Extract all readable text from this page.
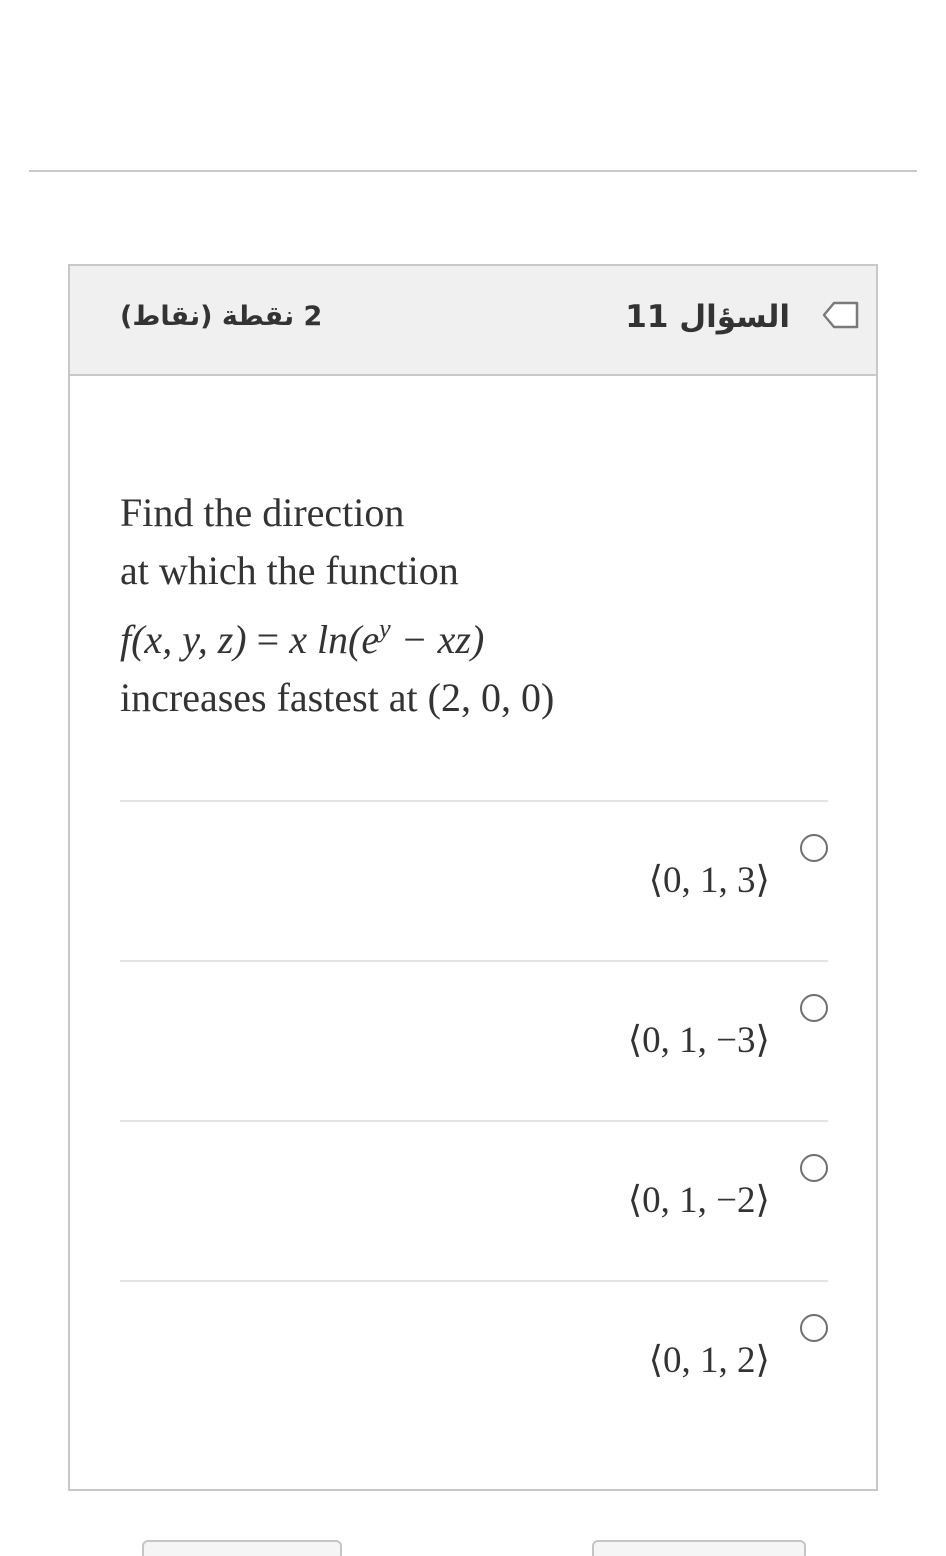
السؤال 11
2 نقطة (نقاط)
Find the direction
at which the function
f(x, y, z) = x $\ln(e^y - xz)$
increases fastest at (2, 0, 0)
⟨0, 1, 3⟩
⟨0, 1, −3⟩
⟨0, 1, −2⟩
⟨0, 1, 2⟩
